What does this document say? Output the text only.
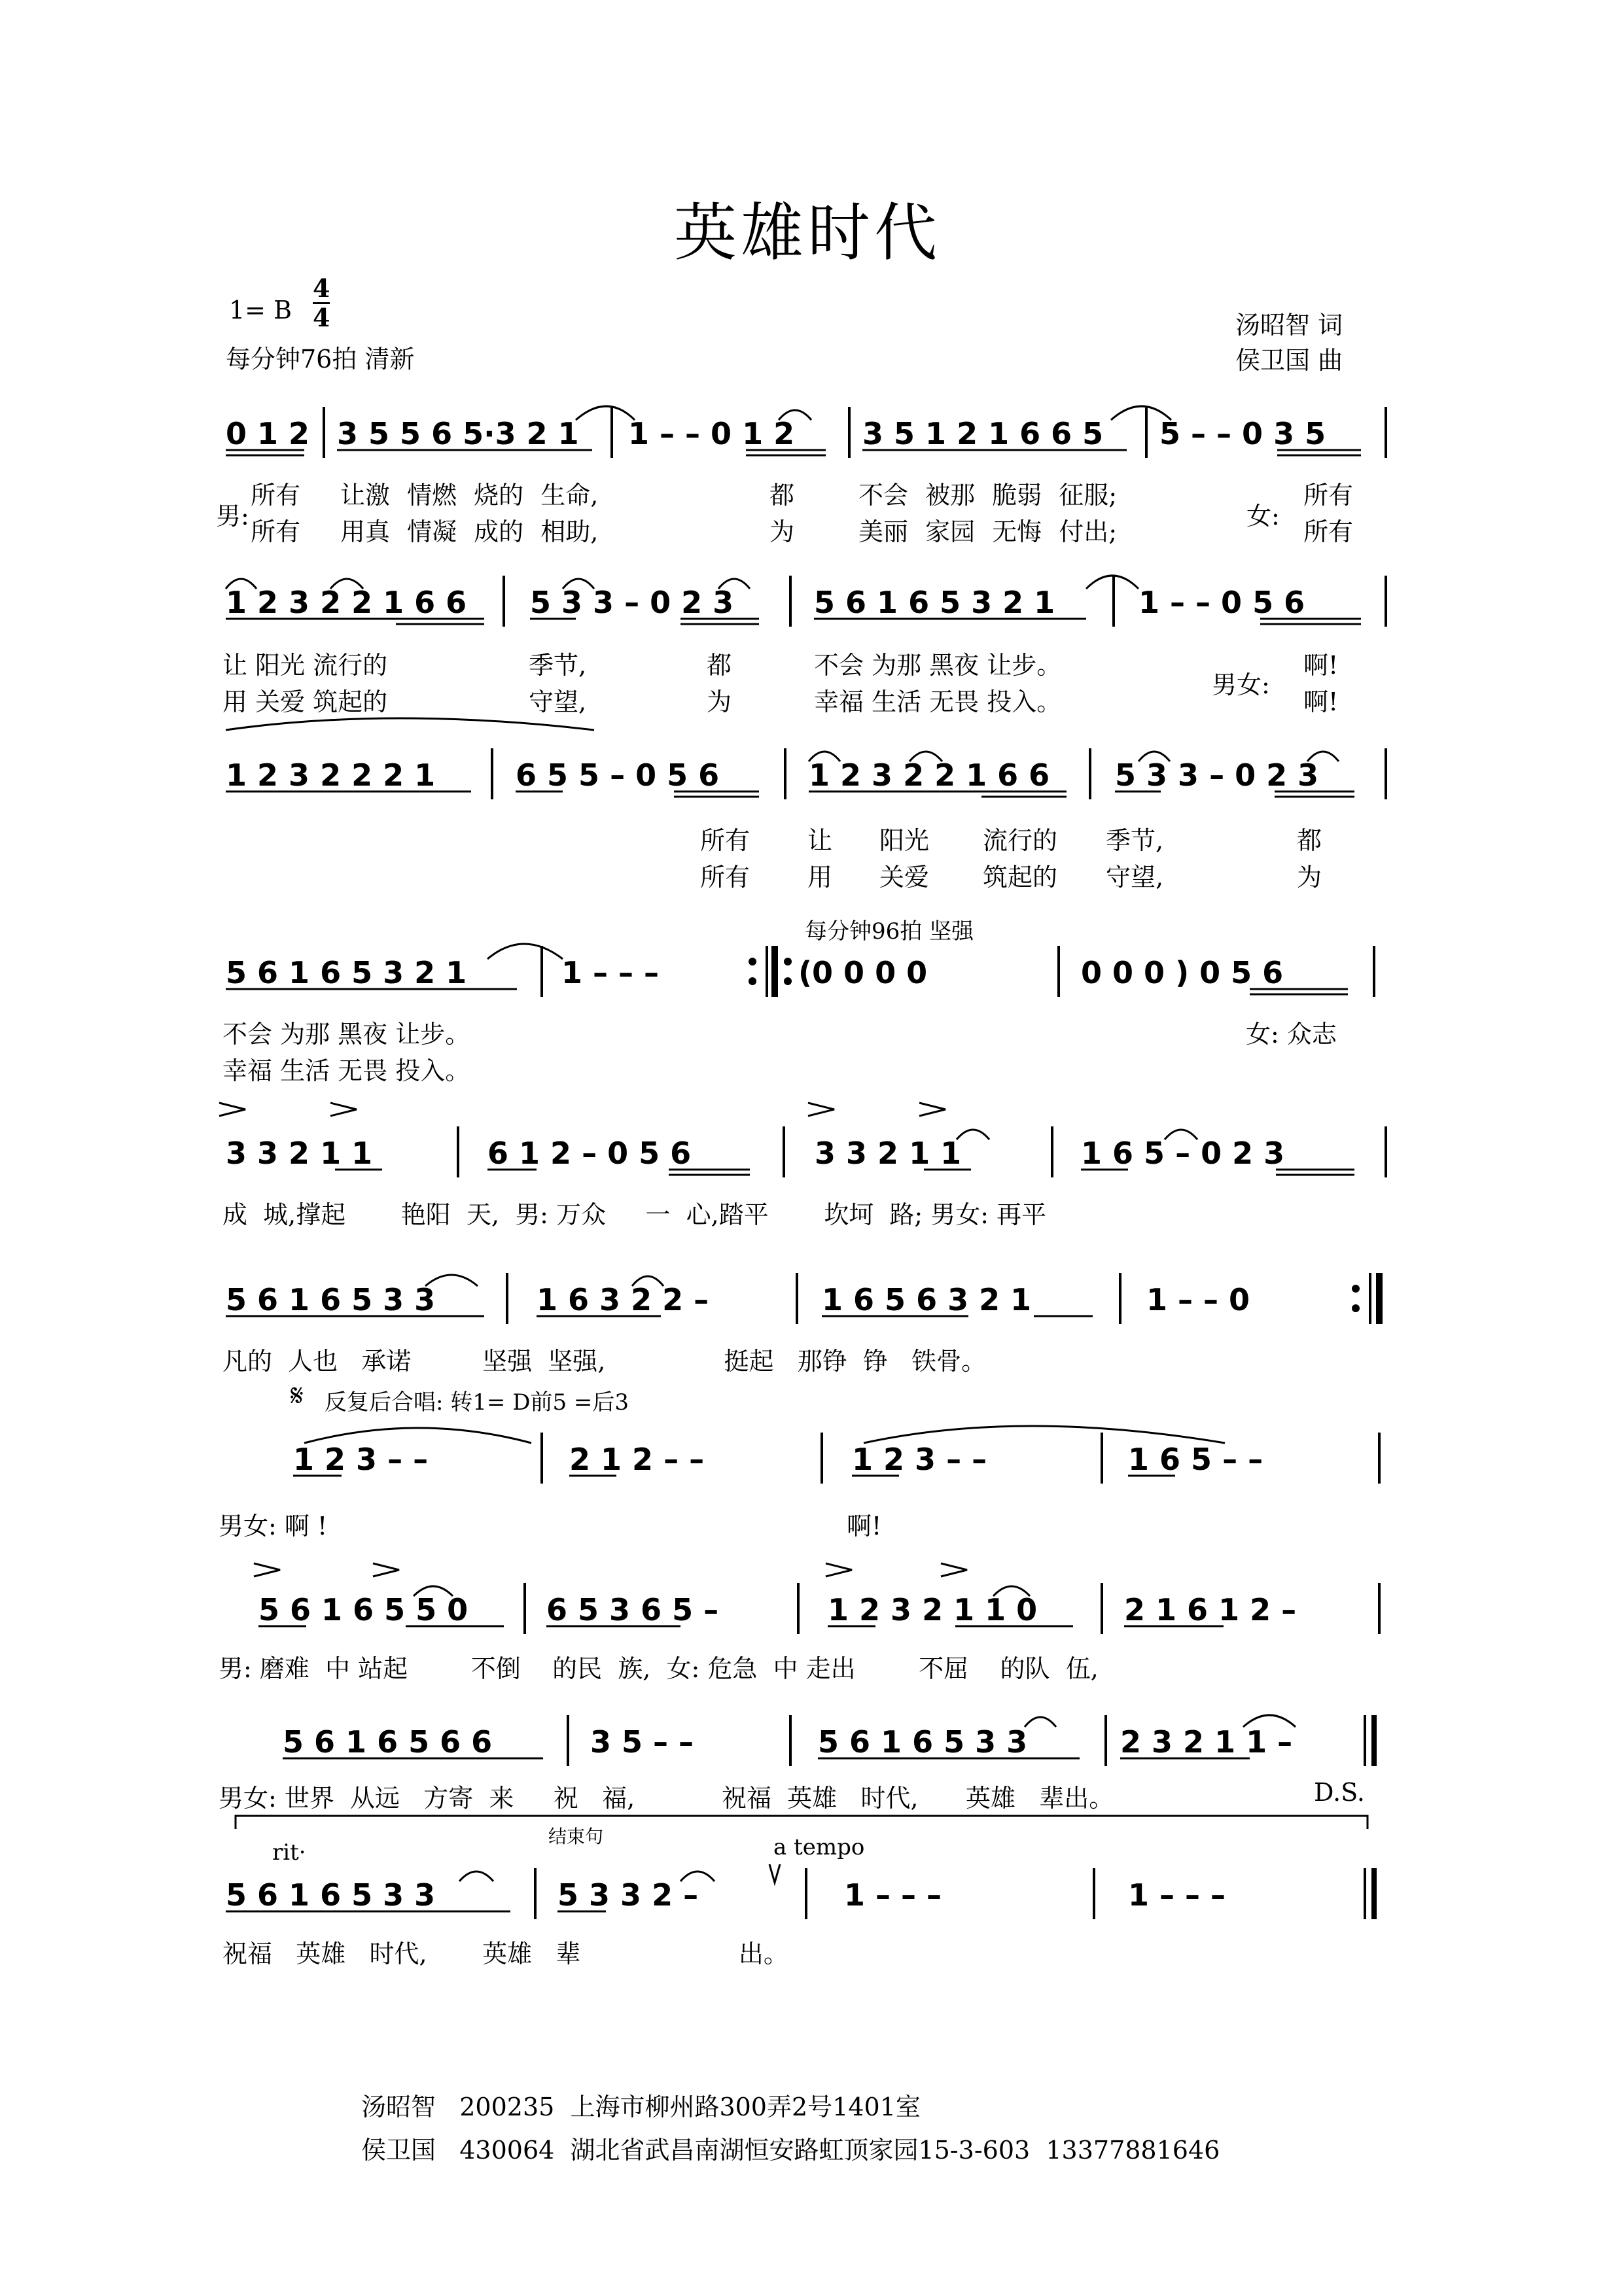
英雄时代
1= B
4
4
每分钟76拍 清新
汤昭智 词
侯卫国 曲
0 1 2 3 5 5 6 5·3 2 1 1 – – 0 1 2 3 5 1 2 1 6 6 5 5 – – 0 3 5
男:	女:
所有 让激 情燃 烧的 生命,	都	不会 被那 脆弱 征服;	所有
所有 用真 情凝 成的 相助,	为	美丽 家园 无悔 付出;	所有
1 2 3 2 2 1 6 6 5 3 3 – 0 2 3	5 6 1 6 5 3 2 1	1 – – 0 5 6
让 阳光 流行的	季节,	都	不会 为那 黑夜 让步。	啊!
用 关爱 筑起的	守望,	为	幸福 生活 无畏 投入。	啊!
男女:
1 2 3 2 2 2 1	6 5 5 – 0 5 6	1 2 3 2 2 1 6 6 5 3 3 – 0 2 3
所有 让 阳光 流行的 季节,	都
所有 用 关爱 筑起的 守望,	为
每分钟96拍 坚强
5 6 1 6 5 3 2 1	1 – – –	(0 0 0 0	0 0 0 ) 0 5 6
不会 为那 黑夜 让步。
幸福 生活 无畏 投入。
女: 众志
3 3 2 1 1	6 1 2 – 0 5 6	3 3 2 1 1	1 6 5 – 0 2 3
成  城,撑起       艳阳  天,  男: 万众     一  心,踏平       坎坷  路; 男女: 再平
5 6 1 6 5 3 3	1 6 3 2 2 –	1 6 5 6 3 2 1	1 – – 0
凡的  人也   承诺         坚强  坚强,               挺起   那铮  铮   铁骨。
𝄋 反复后合唱: 转1= D前5 =后3
1 2 3 – –	2 1 2 – –	1 2 3 – –	1 6 5 – –
男女: 啊 !	啊!
5 6 1 6 5 5 0	6 5 3 6 5 –	1 2 3 2 1 1 0	2 1 6 1 2 –
男: 磨难  中 站起        不倒    的民  族,  女: 危急  中 走出        不屈    的队  伍,
5 6 1 6 5 6 6	3 5 – –	5 6 1 6 5 3 3	2 3 2 1 1 –
男女: 世界  从远   方寄  来     祝   福,           祝福  英雄   时代,      英雄   辈出。	D.S.
rit·
结束句	a tempo
5 6 1 6 5 3 3	5 3 3 2 –	1 – – –	1 – – –
祝福   英雄   时代,       英雄   辈                    出。
汤昭智   200235  上海市柳州路300弄2号1401室
侯卫国   430064  湖北省武昌南湖恒安路虹顶家园15-3-603  13377881646
